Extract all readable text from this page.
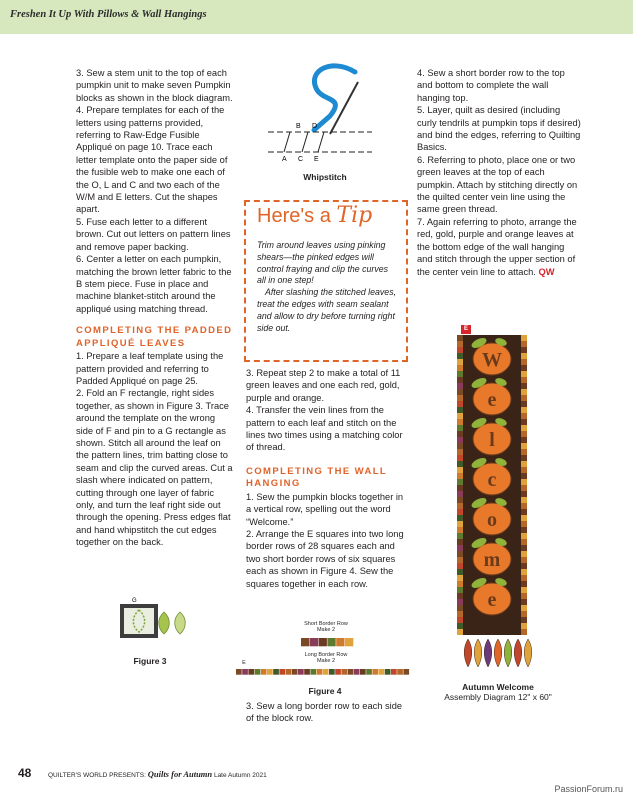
Freshen It Up With Pillows & Wall Hangings

3. Sew a stem unit to the top of each pumpkin unit to make seven Pumpkin blocks as shown in the block diagram.

4. Prepare templates for each of the letters using patterns provided, referring to Raw-Edge Fusible Appliqué on page 10. Trace each letter template onto the paper side of the fusible web to make one each of the O, L and C and two each of the W/M and E letters. Cut the shapes apart.

5. Fuse each letter to a different brown. Cut out letters on pattern lines and remove paper backing.

6. Center a letter on each pumpkin, matching the brown letter fabric to the B stem piece. Fuse in place and machine blanket-stitch around the appliqué using matching thread.

COMPLETING THE PADDED APPLIQUÉ LEAVES

1. Prepare a leaf template using the pattern provided and referring to Padded Appliqué on page 25.

2. Fold an F rectangle, right sides together, as shown in Figure 3. Trace around the template on the wrong side of F and pin to a G rectangle as shown. Stitch all around the leaf on the pattern lines, trim batting close to seam and clip the curved areas. Cut a slash where indicated on pattern, cutting through one layer of fabric only, and turn the leaf right side out through the opening. Press edges flat and hand whipstitch the cut edges together on the back.

G
Figure 3
B D
A C E
Whipstitch
Here's a Tip
Trim around leaves using pinking shears—the pinked edges will control fraying and clip the curves all in one step!
After slashing the stitched leaves, treat the edges with seam sealant and allow to dry before turning right side out.

3. Repeat step 2 to make a total of 11 green leaves and one each red, gold, purple and orange.

4. Transfer the vein lines from the pattern to each leaf and stitch on the lines two times using a matching color of thread.

COMPLETING THE WALL HANGING

1. Sew the pumpkin blocks together in a vertical row, spelling out the word “Welcome.”

2. Arrange the E squares into two long border rows of 28 squares each and two short border rows of six squares each as shown in Figure 4. Sew the squares together in each row.

Short Border Row
Make 2
Long Border Row
Make 2
E
Figure 4

3. Sew a long border row to each side of the block row.

4. Sew a short border row to the top and bottom to complete the wall hanging top.

5. Layer, quilt as desired (including curly tendrils at pumpkin tops if desired) and bind the edges, referring to Quilting Basics.

6. Referring to photo, place one or two green leaves at the top of each pumpkin. Attach by stitching directly on the quilted center vein line using the same green thread.

7. Again referring to photo, arrange the red, gold, purple and orange leaves at the bottom edge of the wall hanging and stitch through the upper section of the center vein line to attach. QW

E
W
e
l
c
o
m
e
Autumn Welcome
Assembly Diagram 12" x 60"
48	QUILTER'S WORLD PRESENTS: Quilts for Autumn Late Autumn 2021
PassionForum.ru
